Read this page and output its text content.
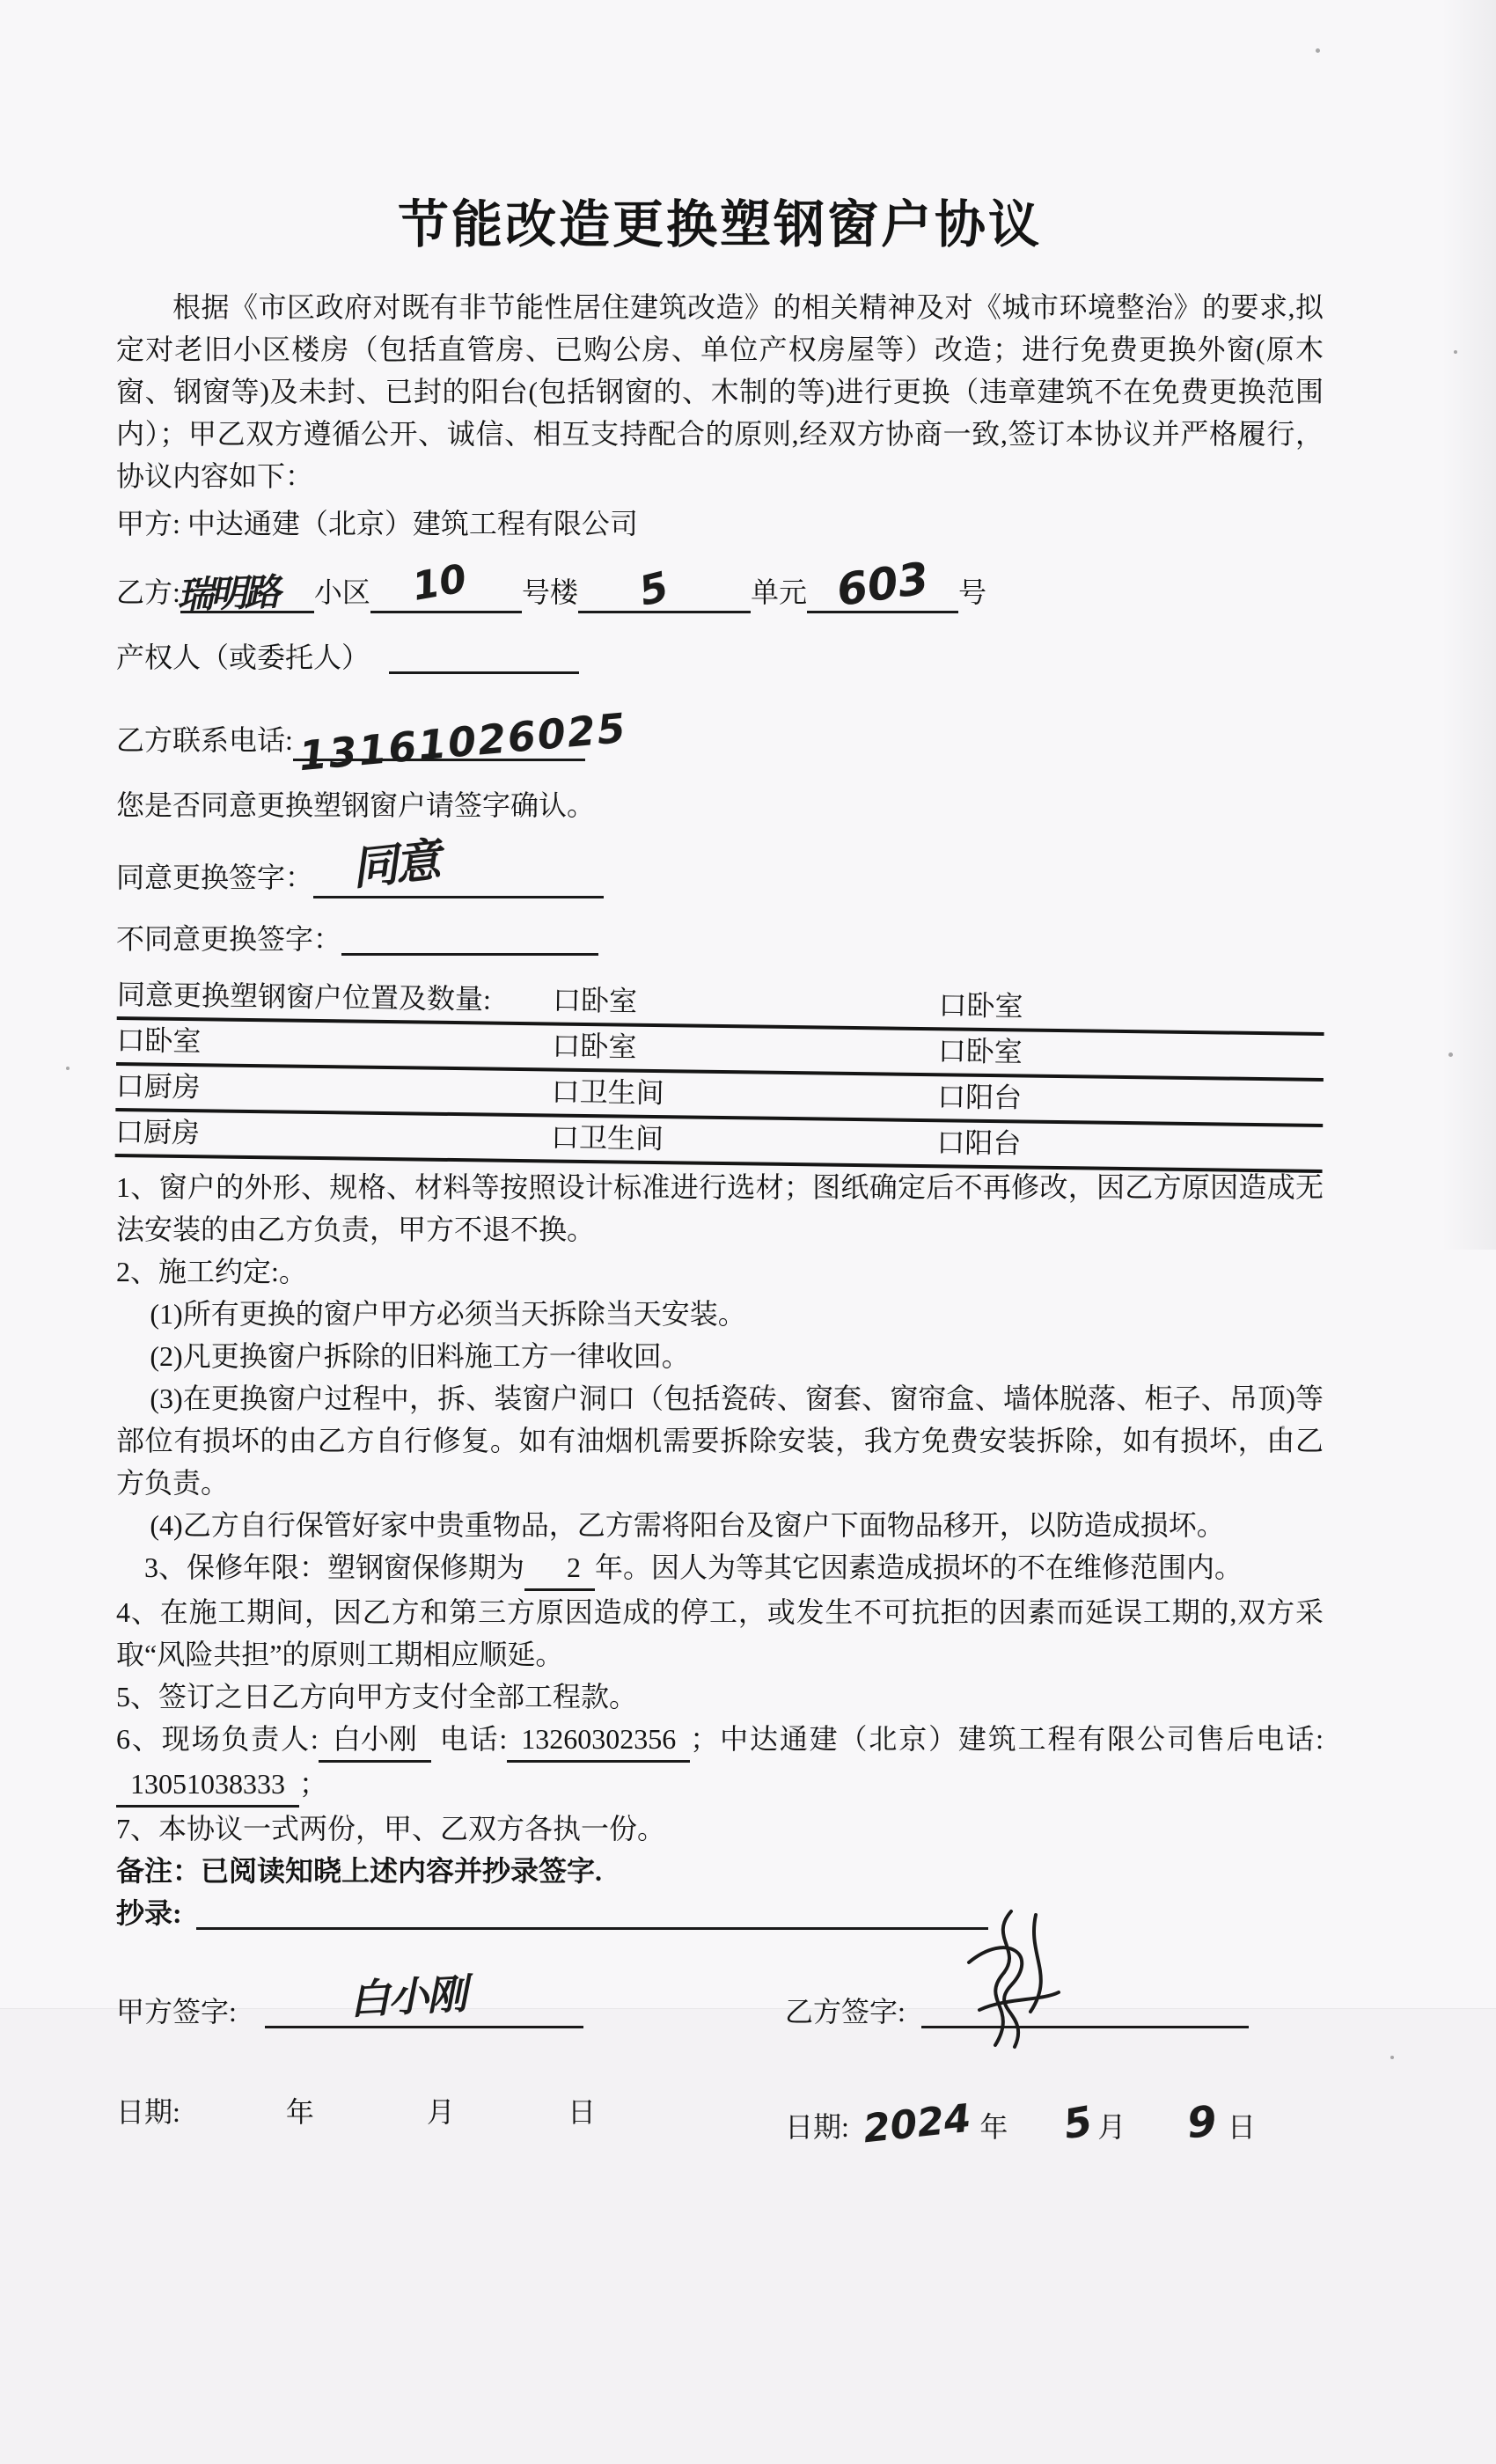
节能改造更换塑钢窗户协议

根据《市区政府对既有非节能性居住建筑改造》的相关精神及对《城市环境整治》的要求,拟定对老旧小区楼房（包括直管房、已购公房、单位产权房屋等）改造；进行免费更换外窗(原木窗、钢窗等)及未封、已封的阳台(包括钢窗的、木制的等)进行更换（违章建筑不在免费更换范围内）；甲乙双方遵循公开、诚信、相互支持配合的原则,经双方协商一致,签订本协议并严格履行， 协议内容如下：

甲方: 中达通建（北京）建筑工程有限公司

乙方:
瑞明路 小区 10 号楼 5	单元 603 号
产权人（或委托人）
乙方联系电话: 13161026025

您是否同意更换塑钢窗户请签字确认。

同意更换签字： 同意
不同意更换签字：
同意更换塑钢窗户位置及数量:	口卧室	口卧室
口卧室	口卧室	口卧室
口厨房	口卫生间	口阳台
口厨房	口卫生间	口阳台

1、窗户的外形、规格、材料等按照设计标准进行选材；图纸确定后不再修改，因乙方原因造成无法安装的由乙方负责，甲方不退不换。

2、施工约定:。

(1)所有更换的窗户甲方必须当天拆除当天安装。

(2)凡更换窗户拆除的旧料施工方一律收回。

(3)在更换窗户过程中，拆、装窗户洞口（包括瓷砖、窗套、窗帘盒、墙体脱落、柜子、吊顶)等部位有损坏的由乙方自行修复。如有油烟机需要拆除安装，我方免费安装拆除，如有损坏，由乙方负责。

(4)乙方自行保管好家中贵重物品，乙方需将阳台及窗户下面物品移开，以防造成损坏。

3、保修年限：塑钢窗保修期为 2 年。因人为等其它因素造成损坏的不在维修范围内。

4、在施工期间，因乙方和第三方原因造成的停工，或发生不可抗拒的因素而延误工期的,双方采取“风险共担”的原则工期相应顺延。

5、签订之日乙方向甲方支付全部工程款。

6、现场负责人: 白小刚 电话: 13260302356 ；中达通建（北京）建筑工程有限公司售后电话:13051038333 ；

7、本协议一式两份，甲、乙双方各执一份。

备注：已阅读知晓上述内容并抄录签字.

抄录:

甲方签字:	白小刚	乙方签字:
日期:	年	月	日	日期: 2024 年 5 月 9 日
